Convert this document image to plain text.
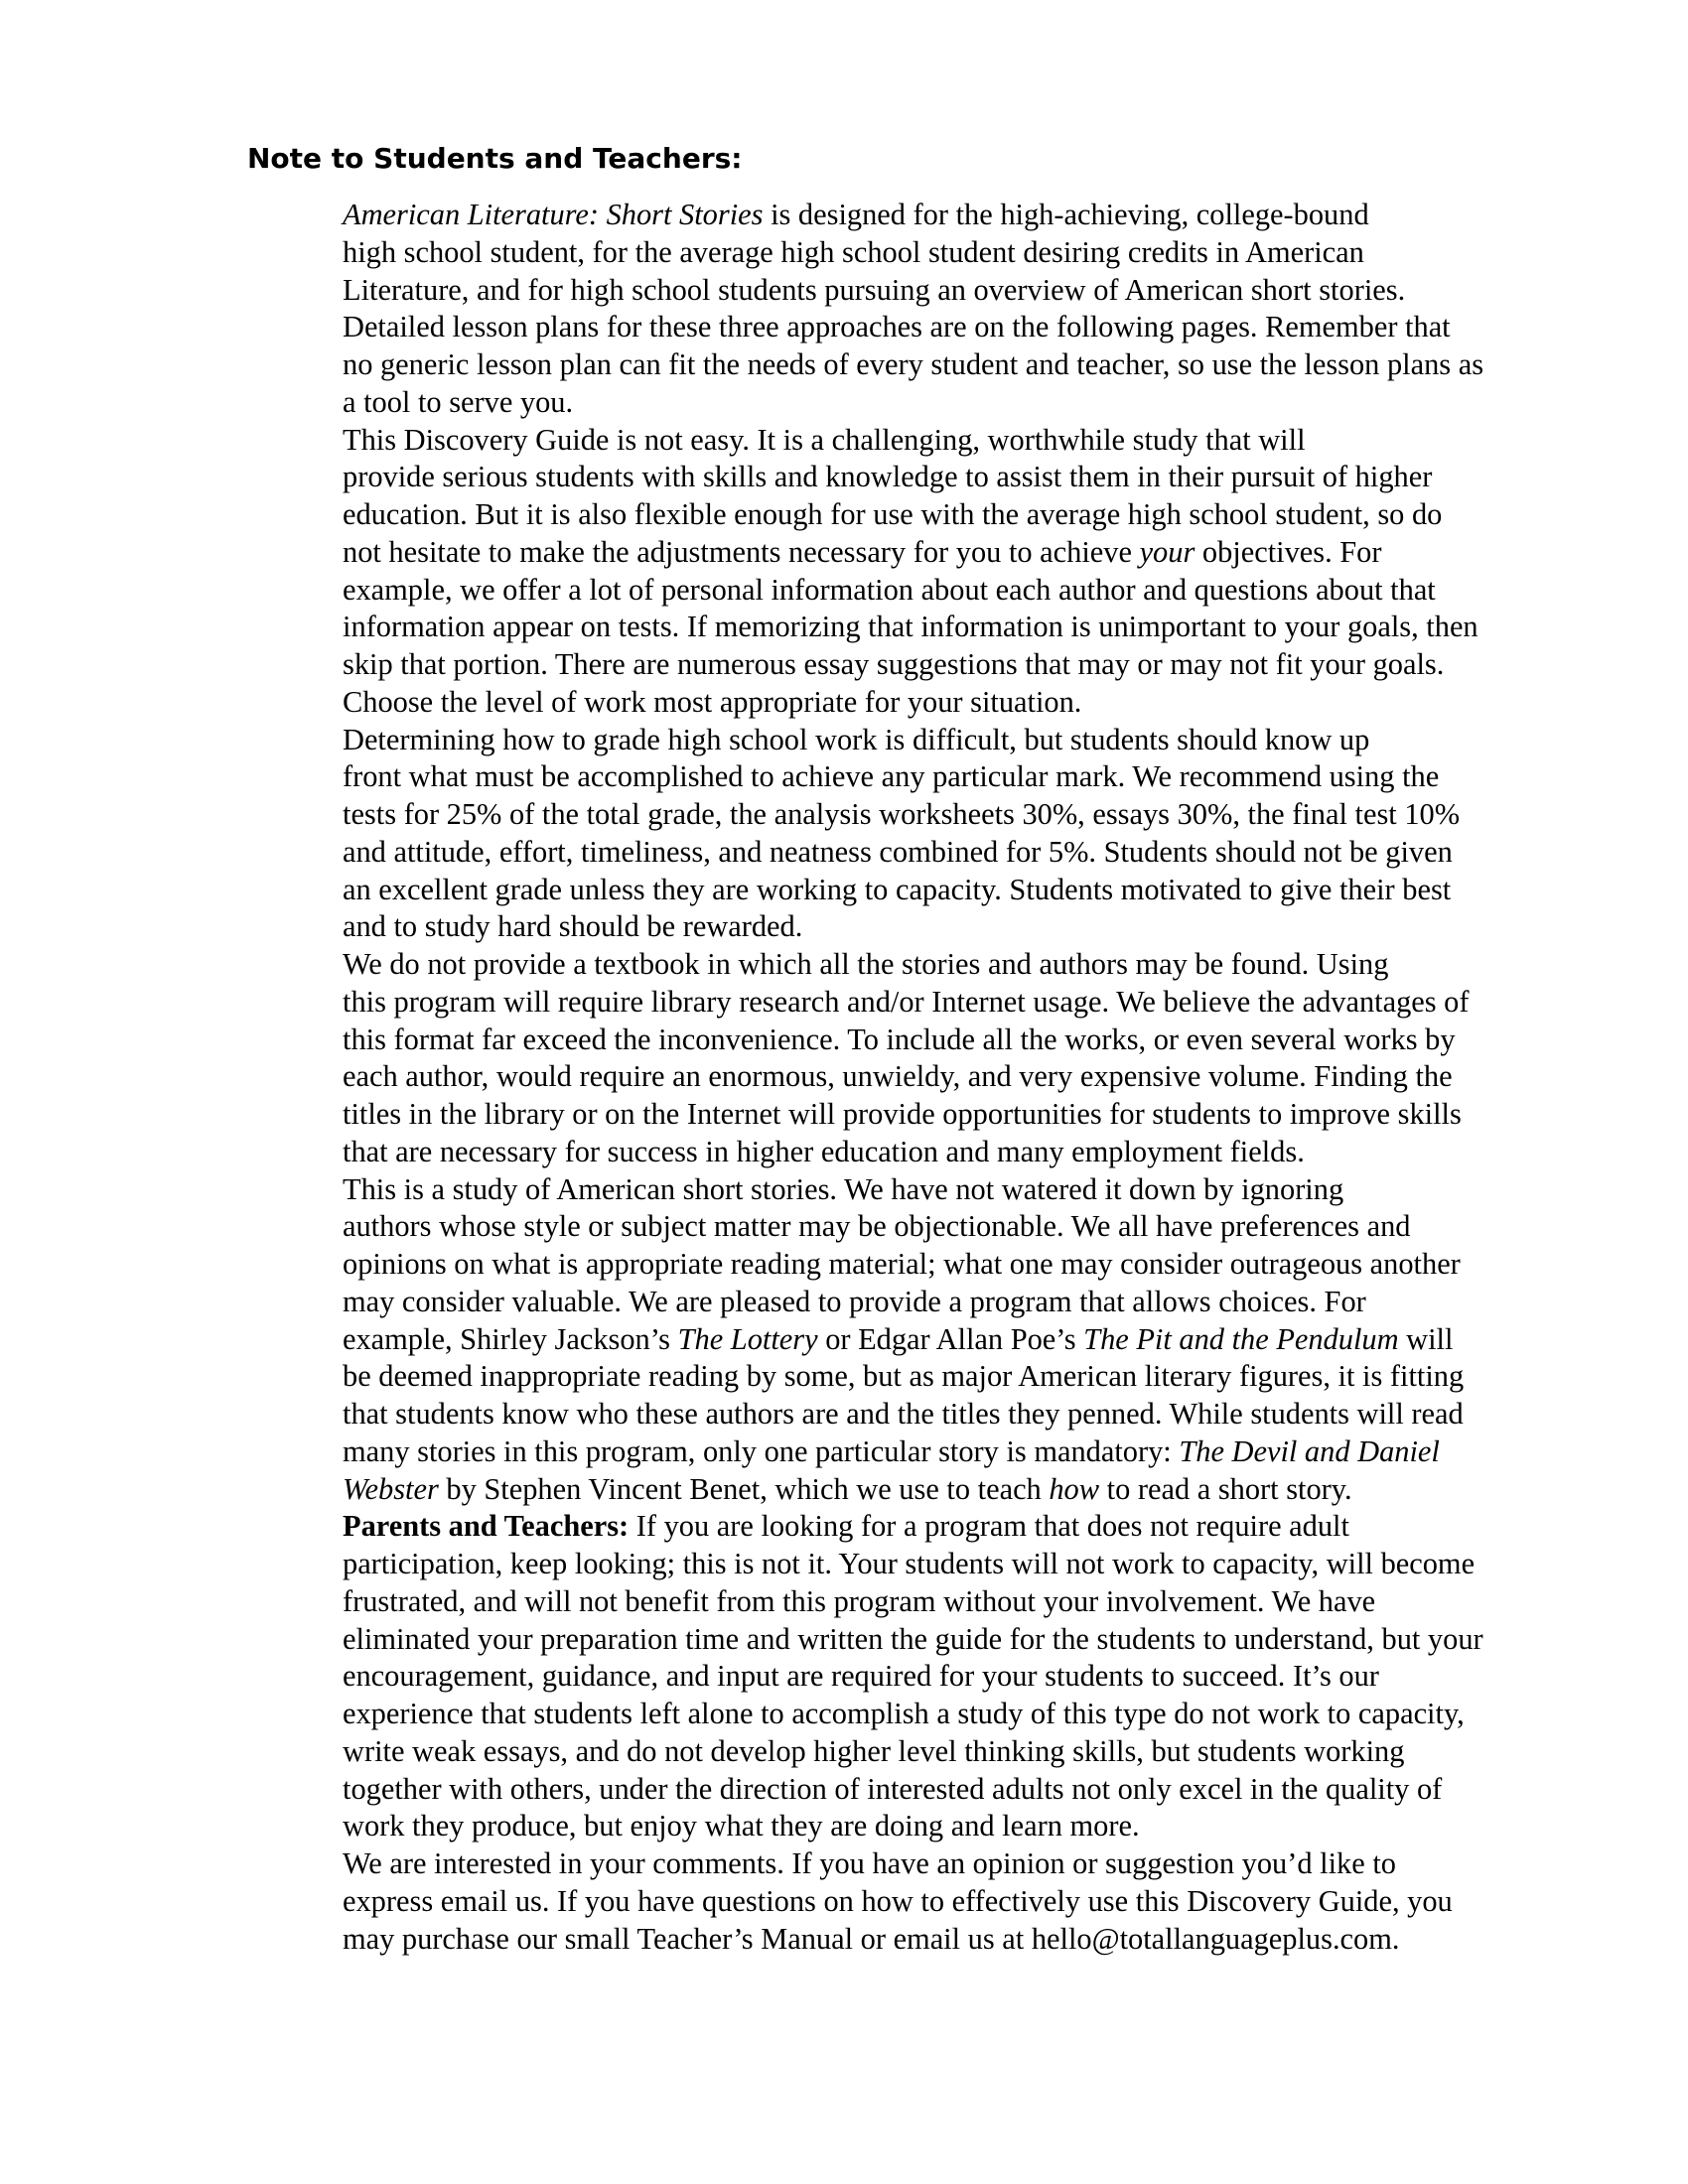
Note to Students and Teachers:

American Literature: Short Stories is designed for the high-achieving, college-bound
high school student, for the average high school student desiring credits in American
Literature, and for high school students pursuing an overview of American short stories.
Detailed lesson plans for these three approaches are on the following pages. Remember that
no generic lesson plan can fit the needs of every student and teacher, so use the lesson plans as
a tool to serve you.

This Discovery Guide is not easy. It is a challenging, worthwhile study that will
provide serious students with skills and knowledge to assist them in their pursuit of higher
education. But it is also flexible enough for use with the average high school student, so do
not hesitate to make the adjustments necessary for you to achieve your objectives. For
example, we offer a lot of personal information about each author and questions about that
information appear on tests. If memorizing that information is unimportant to your goals, then
skip that portion. There are numerous essay suggestions that may or may not fit your goals.
Choose the level of work most appropriate for your situation.

Determining how to grade high school work is difficult, but students should know up
front what must be accomplished to achieve any particular mark. We recommend using the
tests for 25% of the total grade, the analysis worksheets 30%, essays 30%, the final test 10%
and attitude, effort, timeliness, and neatness combined for 5%. Students should not be given
an excellent grade unless they are working to capacity. Students motivated to give their best
and to study hard should be rewarded.

We do not provide a textbook in which all the stories and authors may be found. Using
this program will require library research and/or Internet usage. We believe the advantages of
this format far exceed the inconvenience. To include all the works, or even several works by
each author, would require an enormous, unwieldy, and very expensive volume. Finding the
titles in the library or on the Internet will provide opportunities for students to improve skills
that are necessary for success in higher education and many employment fields.

This is a study of American short stories. We have not watered it down by ignoring
authors whose style or subject matter may be objectionable. We all have preferences and
opinions on what is appropriate reading material; what one may consider outrageous another
may consider valuable. We are pleased to provide a program that allows choices. For
example, Shirley Jackson’s The Lottery or Edgar Allan Poe’s The Pit and the Pendulum will
be deemed inappropriate reading by some, but as major American literary figures, it is fitting
that students know who these authors are and the titles they penned. While students will read
many stories in this program, only one particular story is mandatory: The Devil and Daniel
Webster by Stephen Vincent Benet, which we use to teach how to read a short story.

Parents and Teachers: If you are looking for a program that does not require adult
participation, keep looking; this is not it. Your students will not work to capacity, will become
frustrated, and will not benefit from this program without your involvement. We have
eliminated your preparation time and written the guide for the students to understand, but your
encouragement, guidance, and input are required for your students to succeed. It’s our
experience that students left alone to accomplish a study of this type do not work to capacity,
write weak essays, and do not develop higher level thinking skills, but students working
together with others, under the direction of interested adults not only excel in the quality of
work they produce, but enjoy what they are doing and learn more.

We are interested in your comments. If you have an opinion or suggestion you’d like to
express email us. If you have questions on how to effectively use this Discovery Guide, you
may purchase our small Teacher’s Manual or email us at hello@totallanguageplus.com.
